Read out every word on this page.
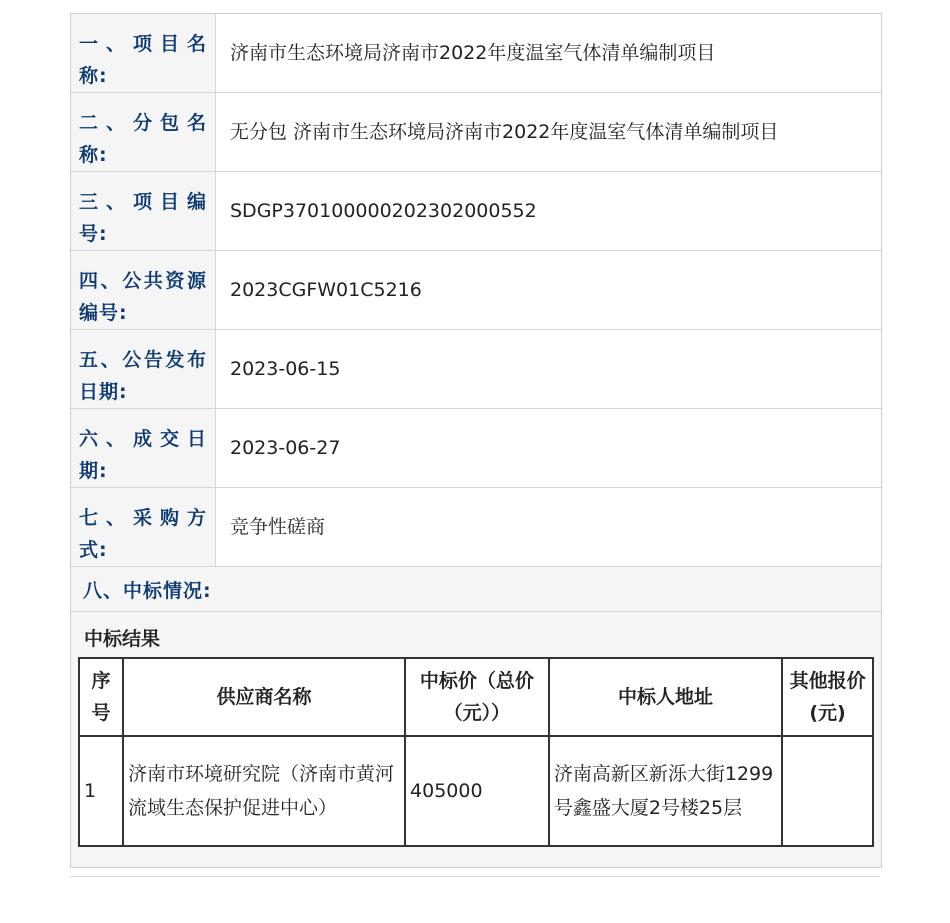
一、项目名称:
济南市生态环境局济南市2022年度温室气体清单编制项目
二、分包名称:
无分包 济南市生态环境局济南市2022年度温室气体清单编制项目
三、项目编号:
SDGP370100000202302000552
四、公共资源编号:
2023CGFW01C5216
五、公告发布日期:
2023-06-15
六、成交日期:
2023-06-27
七、采购方式:
竞争性磋商
八、中标情况:
中标结果
序号	供应商名称	中标价（总价（元））	中标人地址	其他报价(元)
1	济南市环境研究院（济南市黄河流域生态保护促进中心）	405000	济南高新区新泺大街1299号鑫盛大厦2号楼25层	
